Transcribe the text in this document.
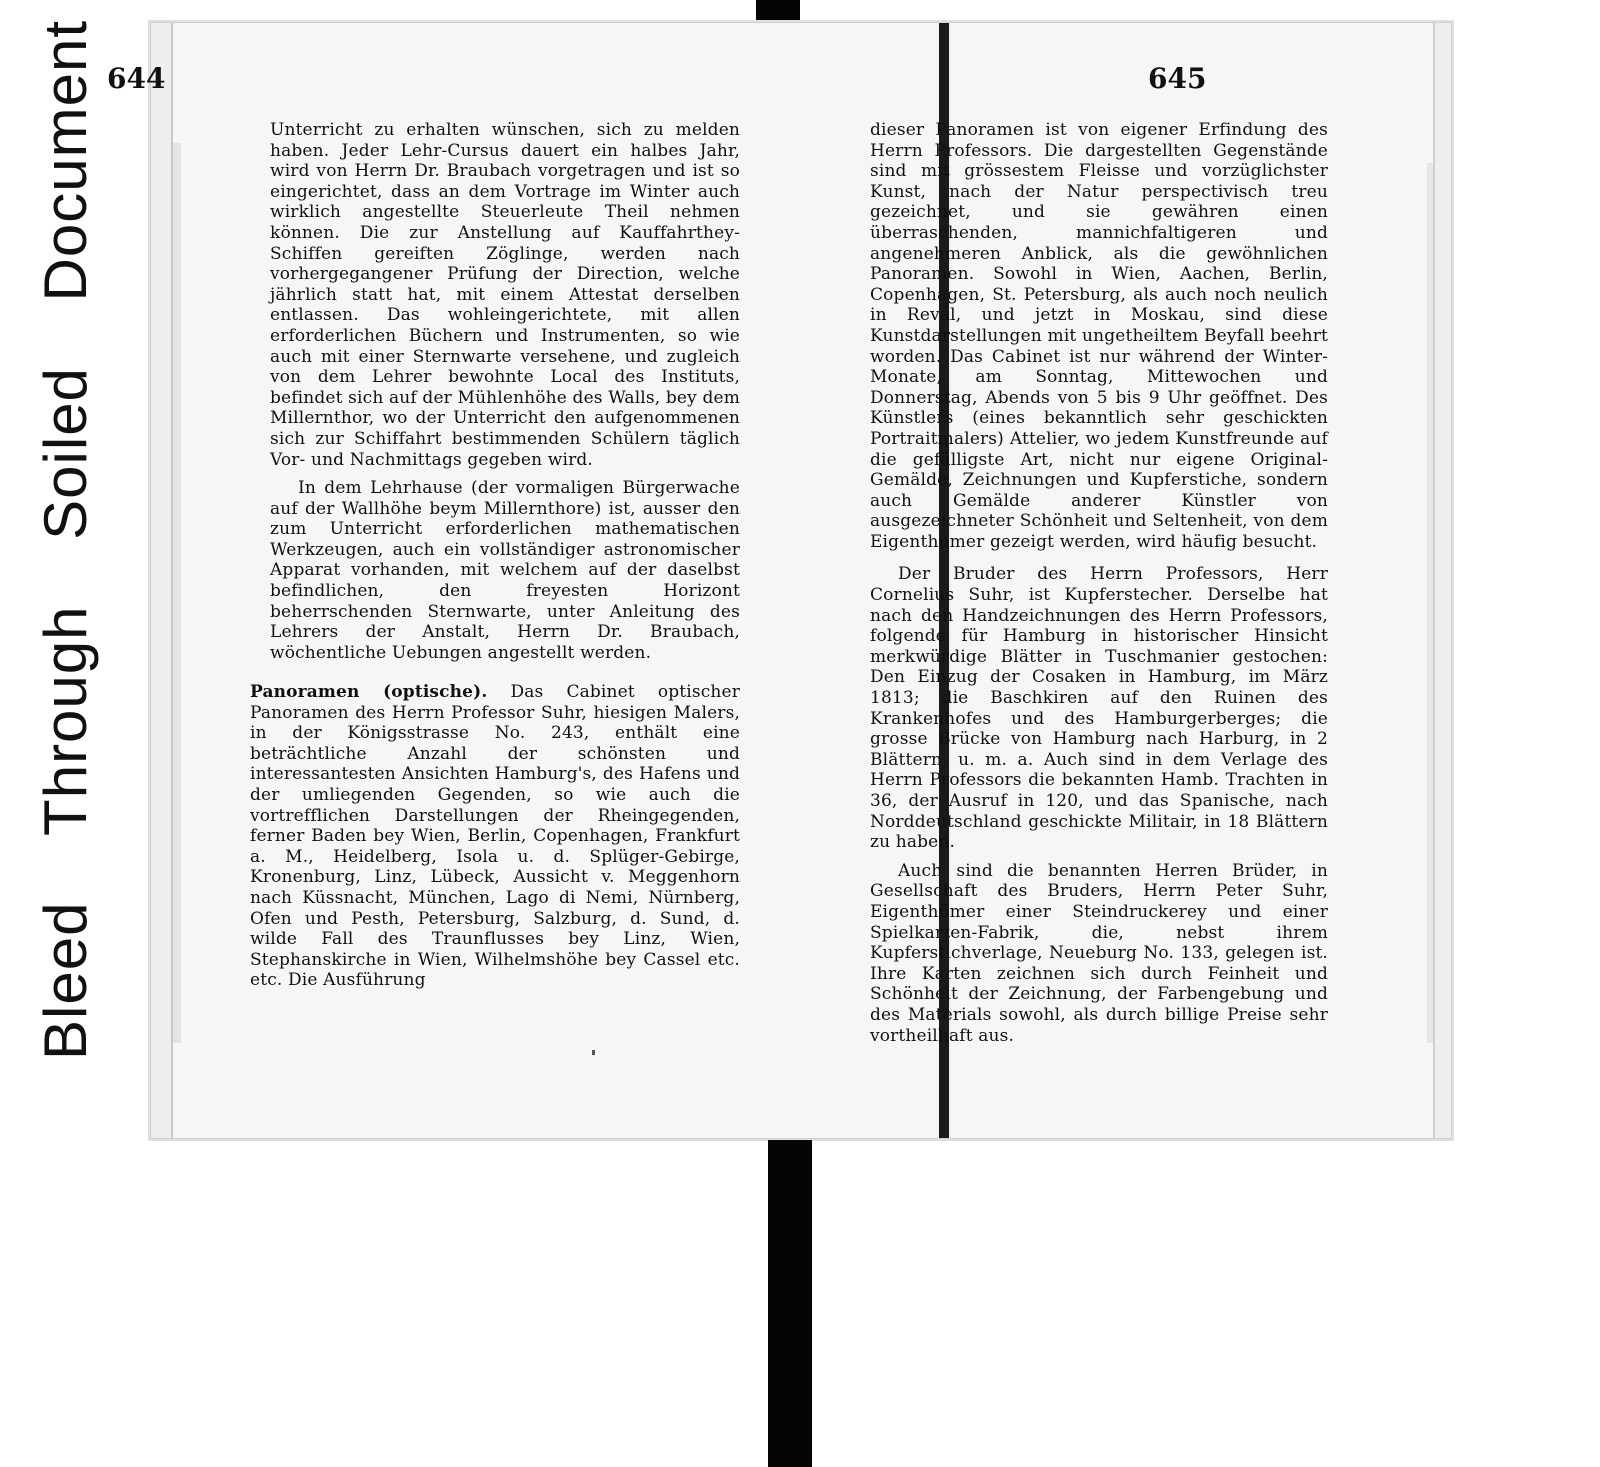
Bleed
Through
Soiled
Document 644	645

Unterricht zu erhalten wünschen, sich zu melden haben. Jeder Lehr-Cursus dauert ein halbes Jahr, wird von Herrn Dr. Braubach vorgetragen und ist so eingerichtet, dass an dem Vortrage im Winter auch wirklich angestellte Steuerleute Theil nehmen können. Die zur Anstellung auf Kauffahrthey-Schiffen gereiften Zöglinge, werden nach vorhergegangener Prüfung der Direction, welche jährlich statt hat, mit einem Attestat derselben entlassen. Das wohleingerichtete, mit allen erforderlichen Büchern und Instrumenten, so wie auch mit einer Sternwarte versehene, und zugleich von dem Lehrer bewohnte Local des Instituts, befindet sich auf der Mühlenhöhe des Walls, bey dem Millernthor, wo der Unterricht den aufgenommenen sich zur Schiffahrt bestimmenden Schülern täglich Vor- und Nachmittags gegeben wird.

In dem Lehrhause (der vormaligen Bürgerwache auf der Wallhöhe beym Millernthore) ist, ausser den zum Unterricht erforderlichen mathematischen Werkzeugen, auch ein vollständiger astronomischer Apparat vorhanden, mit welchem auf der daselbst befindlichen, den freyesten Horizont beherrschenden Sternwarte, unter Anleitung des Lehrers der Anstalt, Herrn Dr. Braubach, wöchentliche Uebungen angestellt werden.

Panoramen (optische). Das Cabinet optischer Panoramen des Herrn Professor Suhr, hiesigen Malers, in der Königsstrasse No. 243, enthält eine beträchtliche Anzahl der schönsten und interessantesten Ansichten Hamburg's, des Hafens und der umliegenden Gegenden, so wie auch die vortrefflichen Darstellungen der Rheingegenden, ferner Baden bey Wien, Berlin, Copenhagen, Frankfurt a. M., Heidelberg, Isola u. d. Splüger-Gebirge, Kronenburg, Linz, Lübeck, Aussicht v. Meggenhorn nach Küssnacht, München, Lago di Nemi, Nürnberg, Ofen und Pesth, Petersburg, Salzburg, d. Sund, d. wilde Fall des Traunflusses bey Linz, Wien, Stephanskirche in Wien, Wilhelmshöhe bey Cassel etc. etc. Die Ausführung

dieser Panoramen ist von eigener Erfindung des Herrn Professors. Die dargestellten Gegenstände sind mit grössestem Fleisse und vorzüglichster Kunst, nach der Natur perspectivisch treu gezeichnet, und sie gewähren einen überraschenden, mannichfaltigeren und angenehmeren Anblick, als die gewöhnlichen Panoramen. Sowohl in Wien, Aachen, Berlin, Copenhagen, St. Petersburg, als auch noch neulich in Reval, und jetzt in Moskau, sind diese Kunstdarstellungen mit ungetheiltem Beyfall beehrt worden. Das Cabinet ist nur während der Winter-Monate, am Sonntag, Mittewochen und Donnerstag, Abends von 5 bis 9 Uhr geöffnet. Des Künstlers (eines bekanntlich sehr geschickten Portraitmalers) Attelier, wo jedem Kunstfreunde auf die gefälligste Art, nicht nur eigene Original-Gemälde, Zeichnungen und Kupferstiche, sondern auch Gemälde anderer Künstler von ausgezeichneter Schönheit und Seltenheit, von dem Eigenthümer gezeigt werden, wird häufig besucht.

Der Bruder des Herrn Professors, Herr Cornelius Suhr, ist Kupferstecher. Derselbe hat nach den Handzeichnungen des Herrn Professors, folgende für Hamburg in historischer Hinsicht merkwürdige Blätter in Tuschmanier gestochen: Den Einzug der Cosaken in Hamburg, im März 1813; die Baschkiren auf den Ruinen des Krankenhofes und des Hamburgerberges; die grosse Brücke von Hamburg nach Harburg, in 2 Blättern, u. m. a. Auch sind in dem Verlage des Herrn Professors die bekannten Hamb. Trachten in 36, der Ausruf in 120, und das Spanische, nach Norddeutschland geschickte Militair, in 18 Blättern zu haben.

Auch sind die benannten Herren Brüder, in Gesellschaft des Bruders, Herrn Peter Suhr, Eigenthümer einer Steindruckerey und einer Spielkarten-Fabrik, die, nebst ihrem Kupferstichverlage, Neueburg No. 133, gelegen ist. Ihre Karten zeichnen sich durch Feinheit und Schönheit der Zeichnung, der Farbengebung und des Materials sowohl, als durch billige Preise sehr vortheilhaft aus.
